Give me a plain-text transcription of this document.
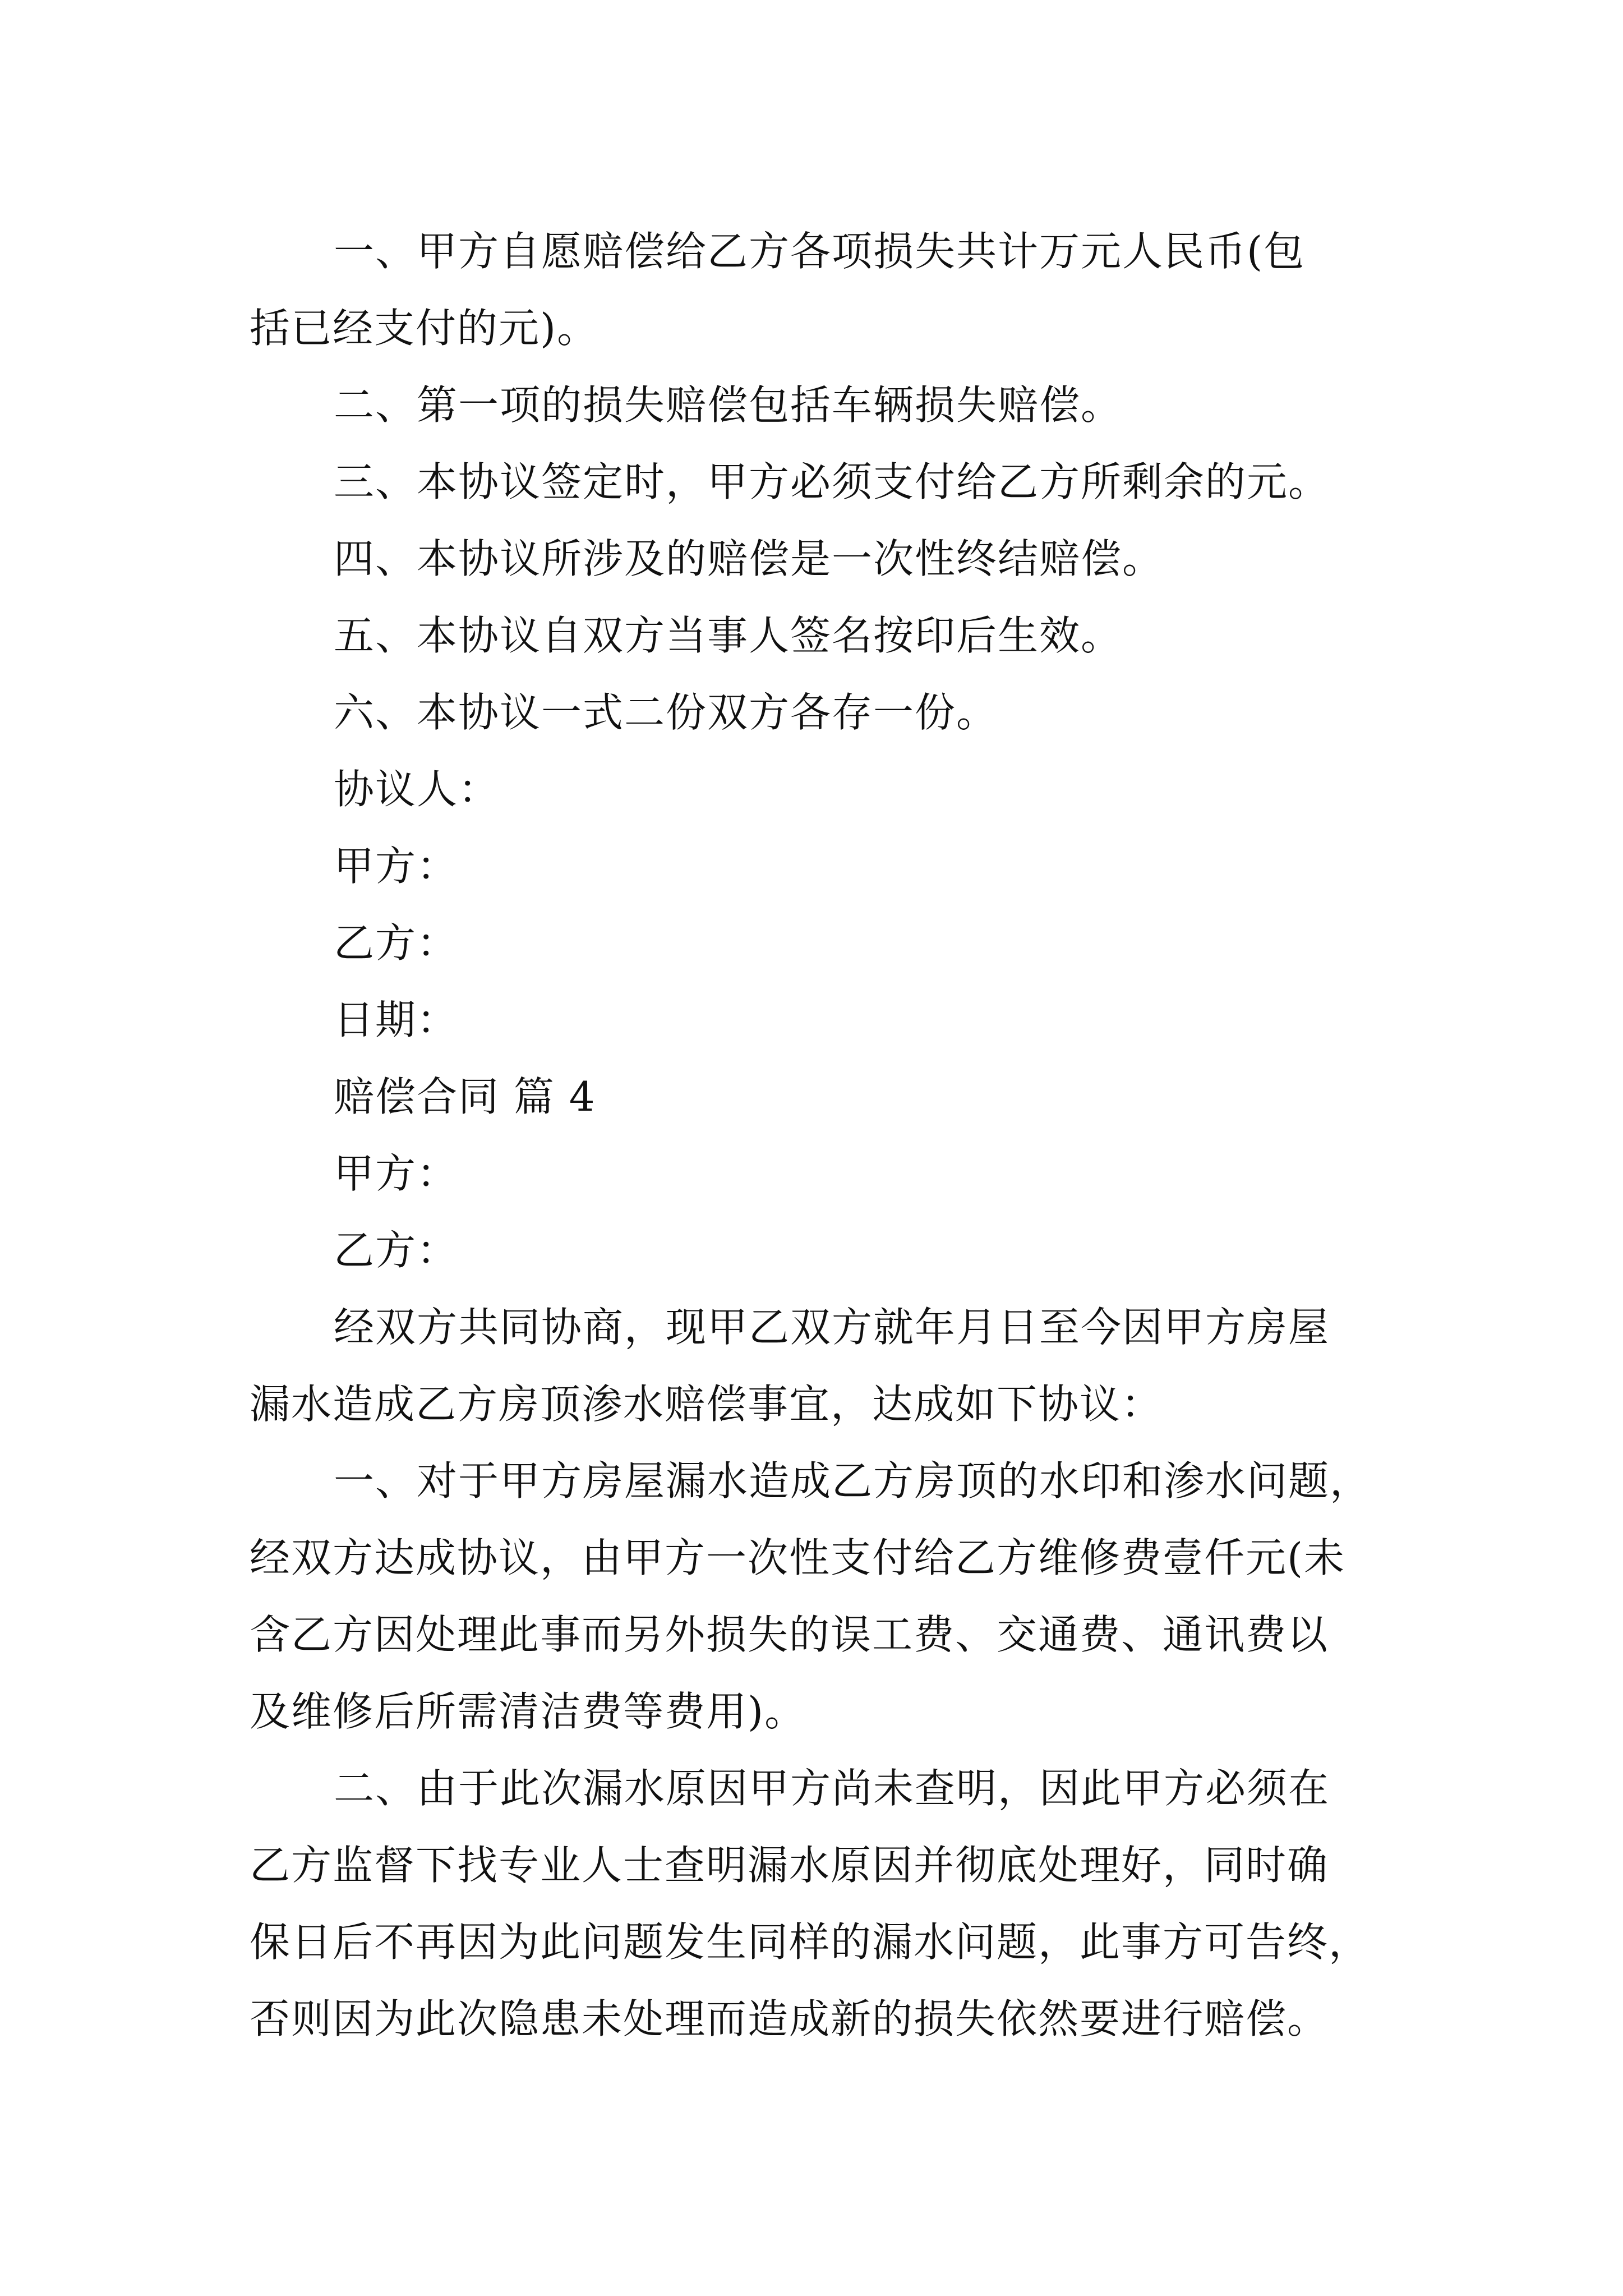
一、甲方自愿赔偿给乙方各项损失共计万元人民币(包
括已经支付的元)。
二、第一项的损失赔偿包括车辆损失赔偿。
三、本协议签定时，甲方必须支付给乙方所剩余的元。
四、本协议所涉及的赔偿是一次性终结赔偿。
五、本协议自双方当事人签名按印后生效。
六、本协议一式二份双方各存一份。
协议人：
甲方：
乙方：
日期：
赔偿合同 篇 4
甲方：
乙方：
经双方共同协商，现甲乙双方就年月日至今因甲方房屋
漏水造成乙方房顶渗水赔偿事宜，达成如下协议：
一、对于甲方房屋漏水造成乙方房顶的水印和渗水问题，
经双方达成协议，由甲方一次性支付给乙方维修费壹仟元(未
含乙方因处理此事而另外损失的误工费、交通费、通讯费以
及维修后所需清洁费等费用)。
二、由于此次漏水原因甲方尚未查明，因此甲方必须在
乙方监督下找专业人士查明漏水原因并彻底处理好，同时确
保日后不再因为此问题发生同样的漏水问题，此事方可告终，
否则因为此次隐患未处理而造成新的损失依然要进行赔偿。
